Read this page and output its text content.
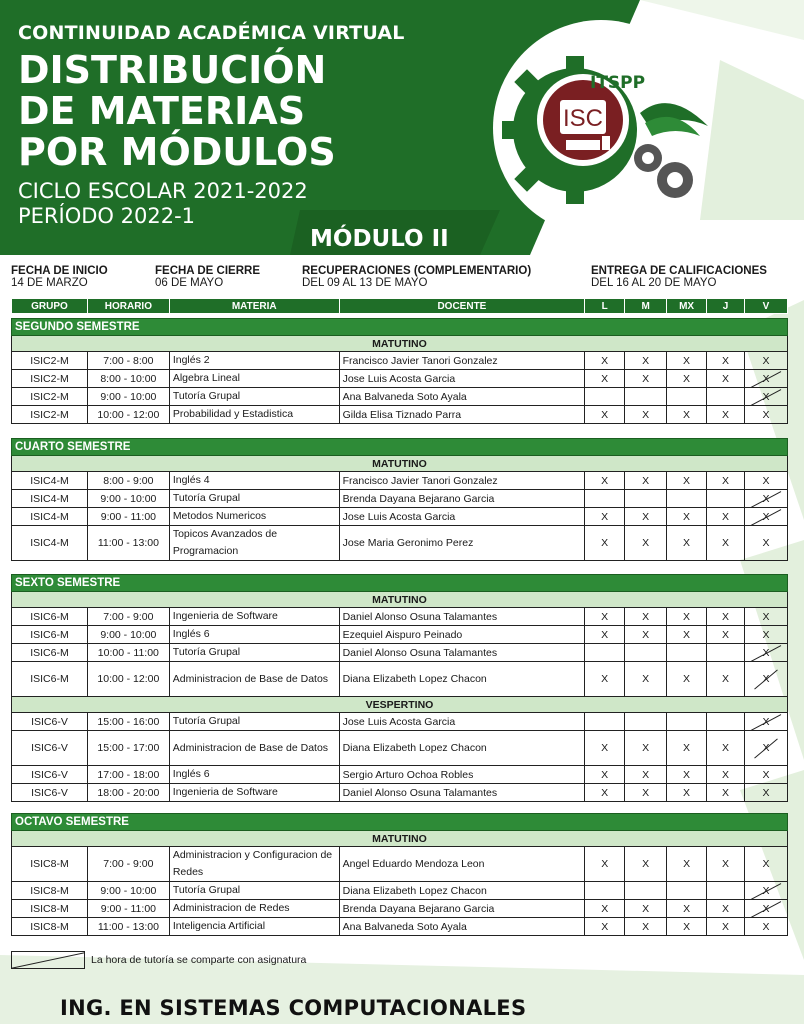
CONTINUIDAD ACADÉMICA VIRTUAL
DISTRIBUCIÓN
DE MATERIAS
POR MÓDULOS
CICLO ESCOLAR 2021-2022
PERÍODO 2022-1
MÓDULO II
ISC
ITSPP
FECHA DE INICIO
14 DE MARZO
FECHA DE CIERRE
06 DE MAYO
RECUPERACIONES (COMPLEMENTARIO)
DEL 09 AL 13 DE MAYO
ENTREGA DE CALIFICACIONES
DEL 16 AL 20 DE MAYO
GRUPO	HORARIO	MATERIA	DOCENTE	L	M	MX	J	V
SEGUNDO SEMESTRE								
MATUTINO								
ISIC2-M	7:00 - 8:00	Inglés 2	Francisco Javier Tanori Gonzalez	X	X	X	X	X
ISIC2-M	8:00 - 10:00	Algebra Lineal	Jose Luis Acosta Garcia	X	X	X	X	X
ISIC2-M	9:00 - 10:00	Tutoría Grupal	Ana Balvaneda Soto Ayala					X
ISIC2-M	10:00 - 12:00	Probabilidad y Estadistica	Gilda Elisa Tiznado Parra	X	X	X	X	X
CUARTO SEMESTRE								
MATUTINO								
ISIC4-M	8:00 - 9:00	Inglés 4	Francisco Javier Tanori Gonzalez	X	X	X	X	X
ISIC4-M	9:00 - 10:00	Tutoría Grupal	Brenda Dayana Bejarano Garcia					X
ISIC4-M	9:00 - 11:00	Metodos Numericos	Jose Luis Acosta Garcia	X	X	X	X	X
ISIC4-M	11:00 - 13:00	Topicos Avanzados de Programacion	Jose Maria Geronimo Perez	X	X	X	X	X
SEXTO SEMESTRE								
MATUTINO								
ISIC6-M	7:00 - 9:00	Ingenieria de Software	Daniel Alonso Osuna Talamantes	X	X	X	X	X
ISIC6-M	9:00 - 10:00	Inglés 6	Ezequiel Aispuro Peinado	X	X	X	X	X
ISIC6-M	10:00 - 11:00	Tutoría Grupal	Daniel Alonso Osuna Talamantes					X
ISIC6-M	10:00 - 12:00	Administracion de Base de Datos	Diana Elizabeth Lopez Chacon	X	X	X	X	X
VESPERTINO								
ISIC6-V	15:00 - 16:00	Tutoría Grupal	Jose Luis Acosta Garcia					X
ISIC6-V	15:00 - 17:00	Administracion de Base de Datos	Diana Elizabeth Lopez Chacon	X	X	X	X	X
ISIC6-V	17:00 - 18:00	Inglés 6	Sergio Arturo Ochoa Robles	X	X	X	X	X
ISIC6-V	18:00 - 20:00	Ingenieria de Software	Daniel Alonso Osuna Talamantes	X	X	X	X	X
OCTAVO SEMESTRE								
MATUTINO								
ISIC8-M	7:00 - 9:00	Administracion y Configuracion de Redes	Angel Eduardo Mendoza Leon	X	X	X	X	X
ISIC8-M	9:00 - 10:00	Tutoría Grupal	Diana Elizabeth Lopez Chacon					X
ISIC8-M	9:00 - 11:00	Administracion de Redes	Brenda Dayana Bejarano Garcia	X	X	X	X	X
ISIC8-M	11:00 - 13:00	Inteligencia Artificial	Ana Balvaneda Soto Ayala	X	X	X	X	X
La hora de tutoría se comparte con asignatura
ING. EN SISTEMAS COMPUTACIONALES
